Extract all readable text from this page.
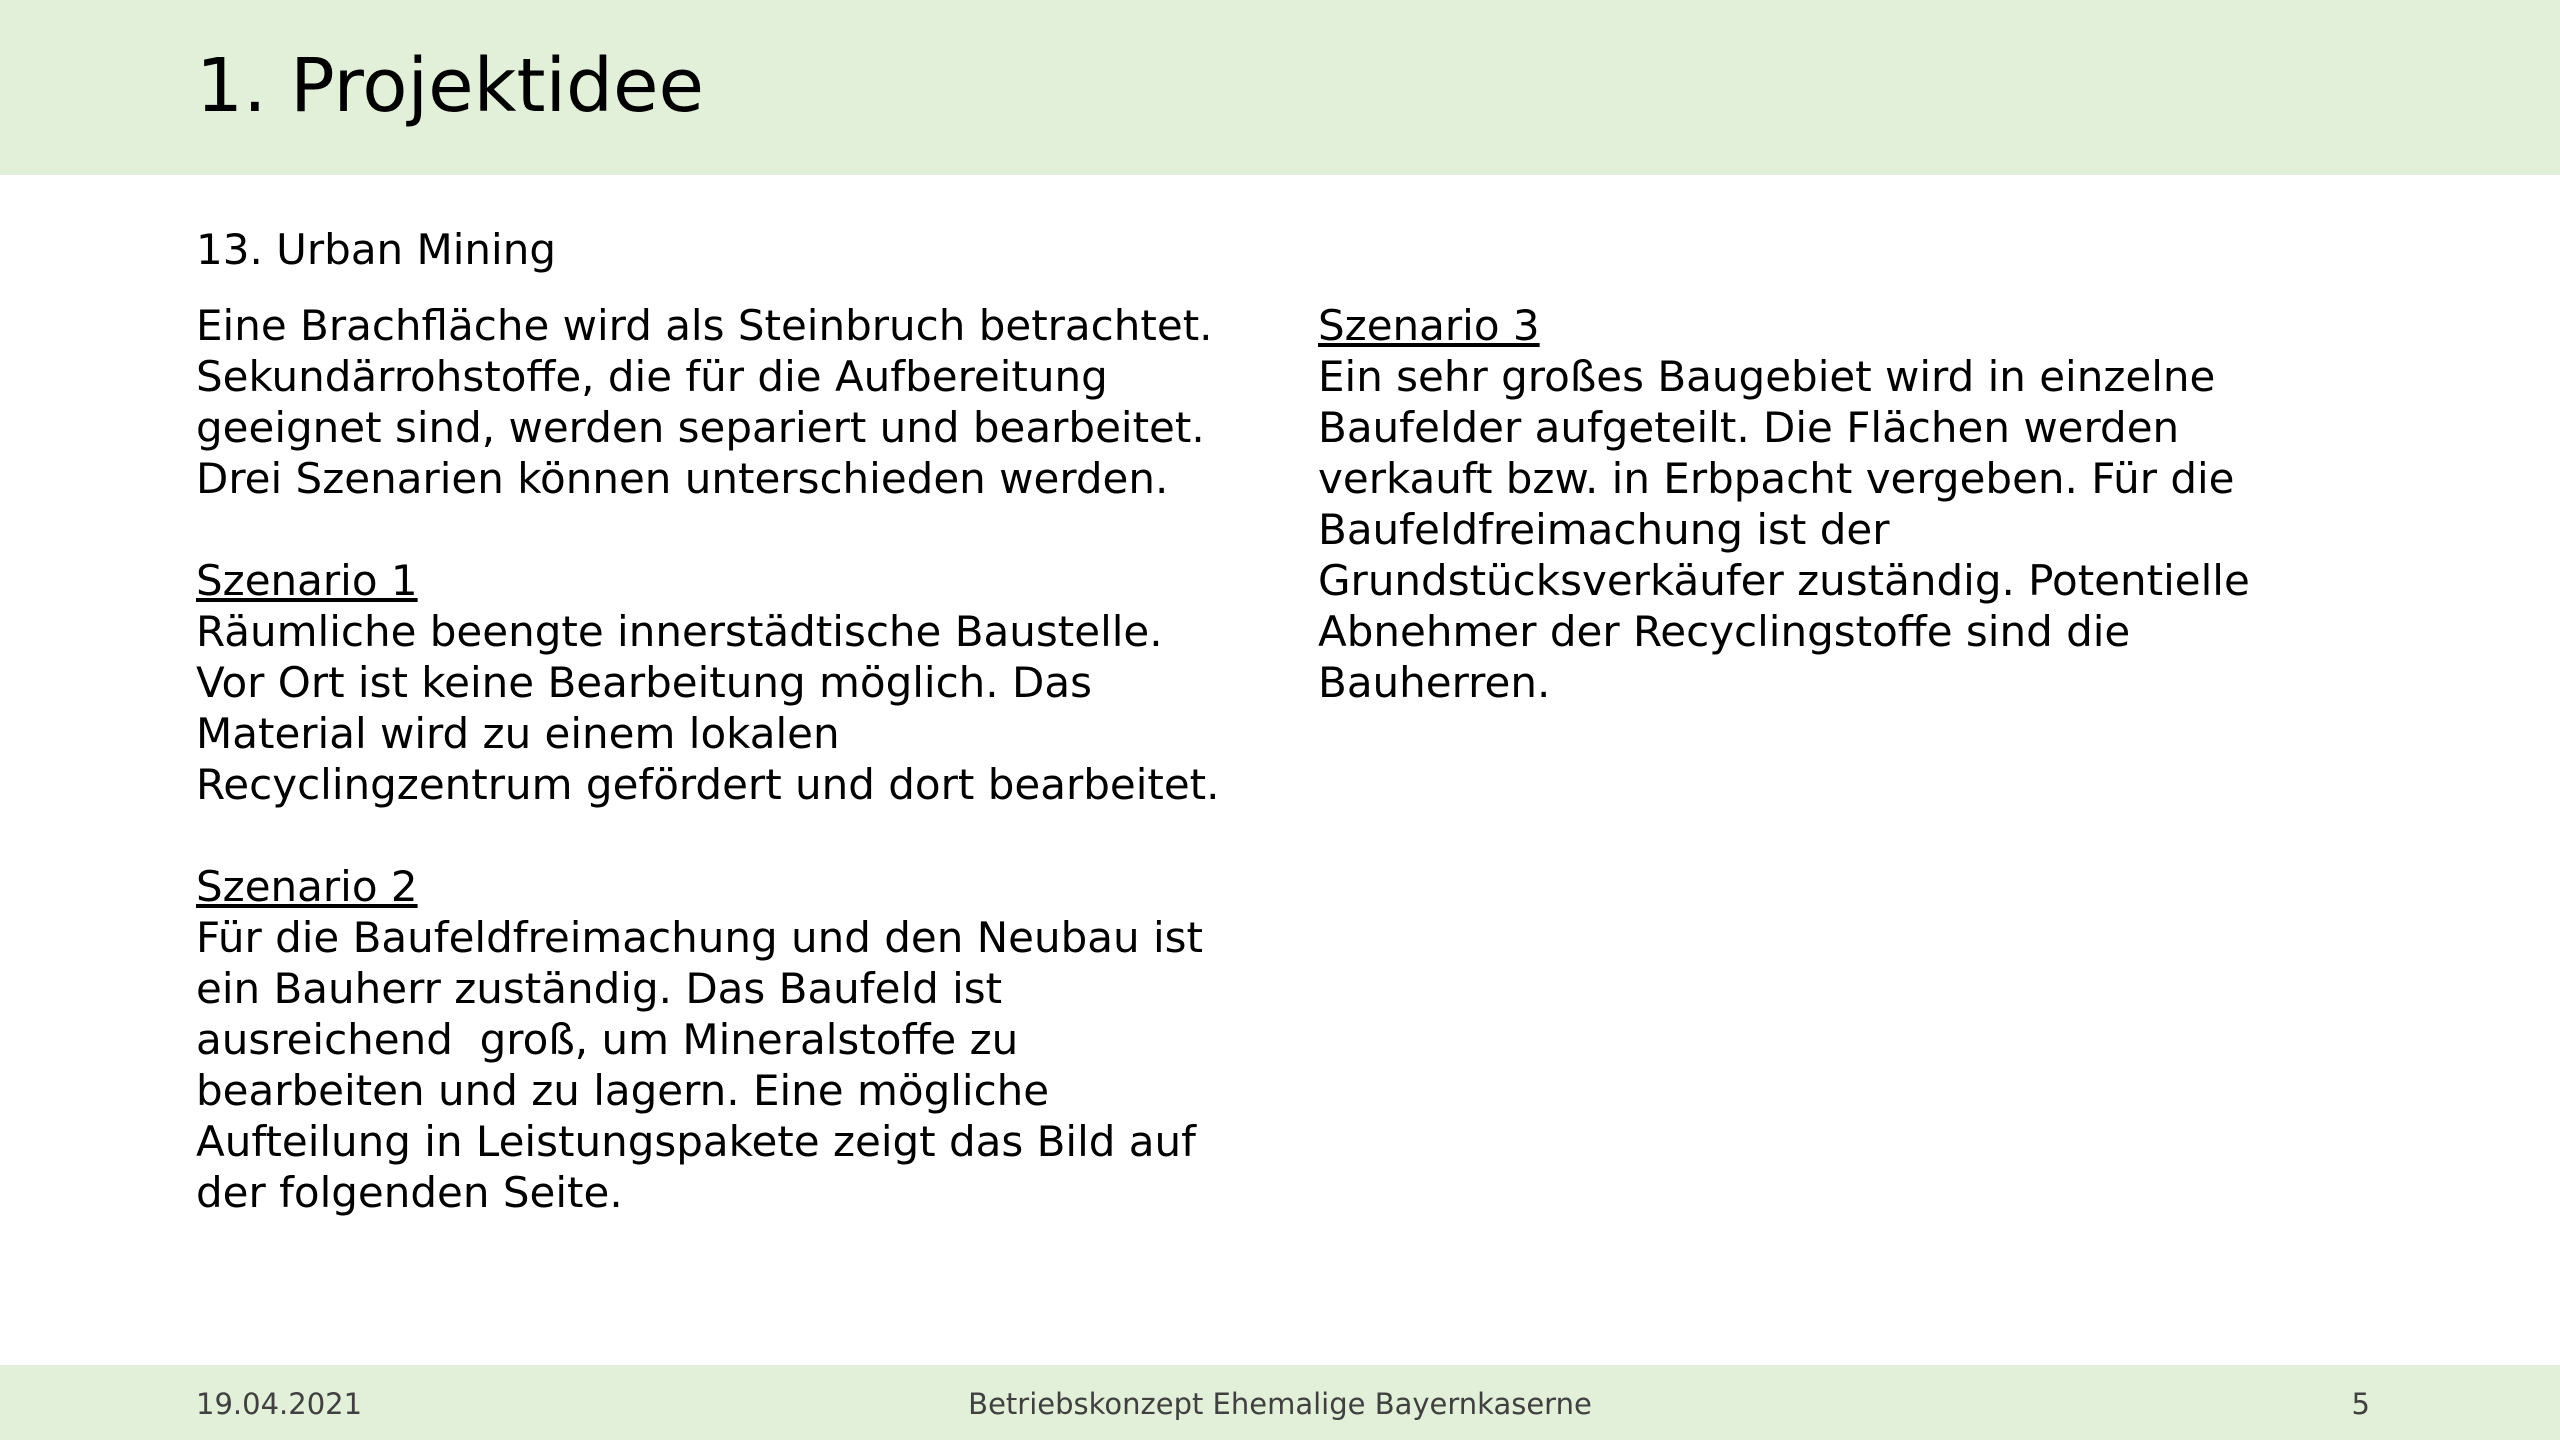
1. Projektidee
13. Urban Mining

Eine Brachfläche wird als Steinbruch betrachtet.
Sekundärrohstoffe, die für die Aufbereitung
geeignet sind, werden separiert und bearbeitet.
Drei Szenarien können unterschieden werden.

Szenario 1
Räumliche beengte innerstädtische Baustelle.
Vor Ort ist keine Bearbeitung möglich. Das
Material wird zu einem lokalen
Recyclingzentrum gefördert und dort bearbeitet.

Szenario 2
Für die Baufeldfreimachung und den Neubau ist
ein Bauherr zuständig. Das Baufeld ist
ausreichend  groß, um Mineralstoffe zu
bearbeiten und zu lagern. Eine mögliche
Aufteilung in Leistungspakete zeigt das Bild auf
der folgenden Seite.

Szenario 3
Ein sehr großes Baugebiet wird in einzelne
Baufelder aufgeteilt. Die Flächen werden
verkauft bzw. in Erbpacht vergeben. Für die
Baufeldfreimachung ist der
Grundstücksverkäufer zuständig. Potentielle
Abnehmer der Recyclingstoffe sind die
Bauherren.

19.04.2021	Betriebskonzept Ehemalige Bayernkaserne	5
